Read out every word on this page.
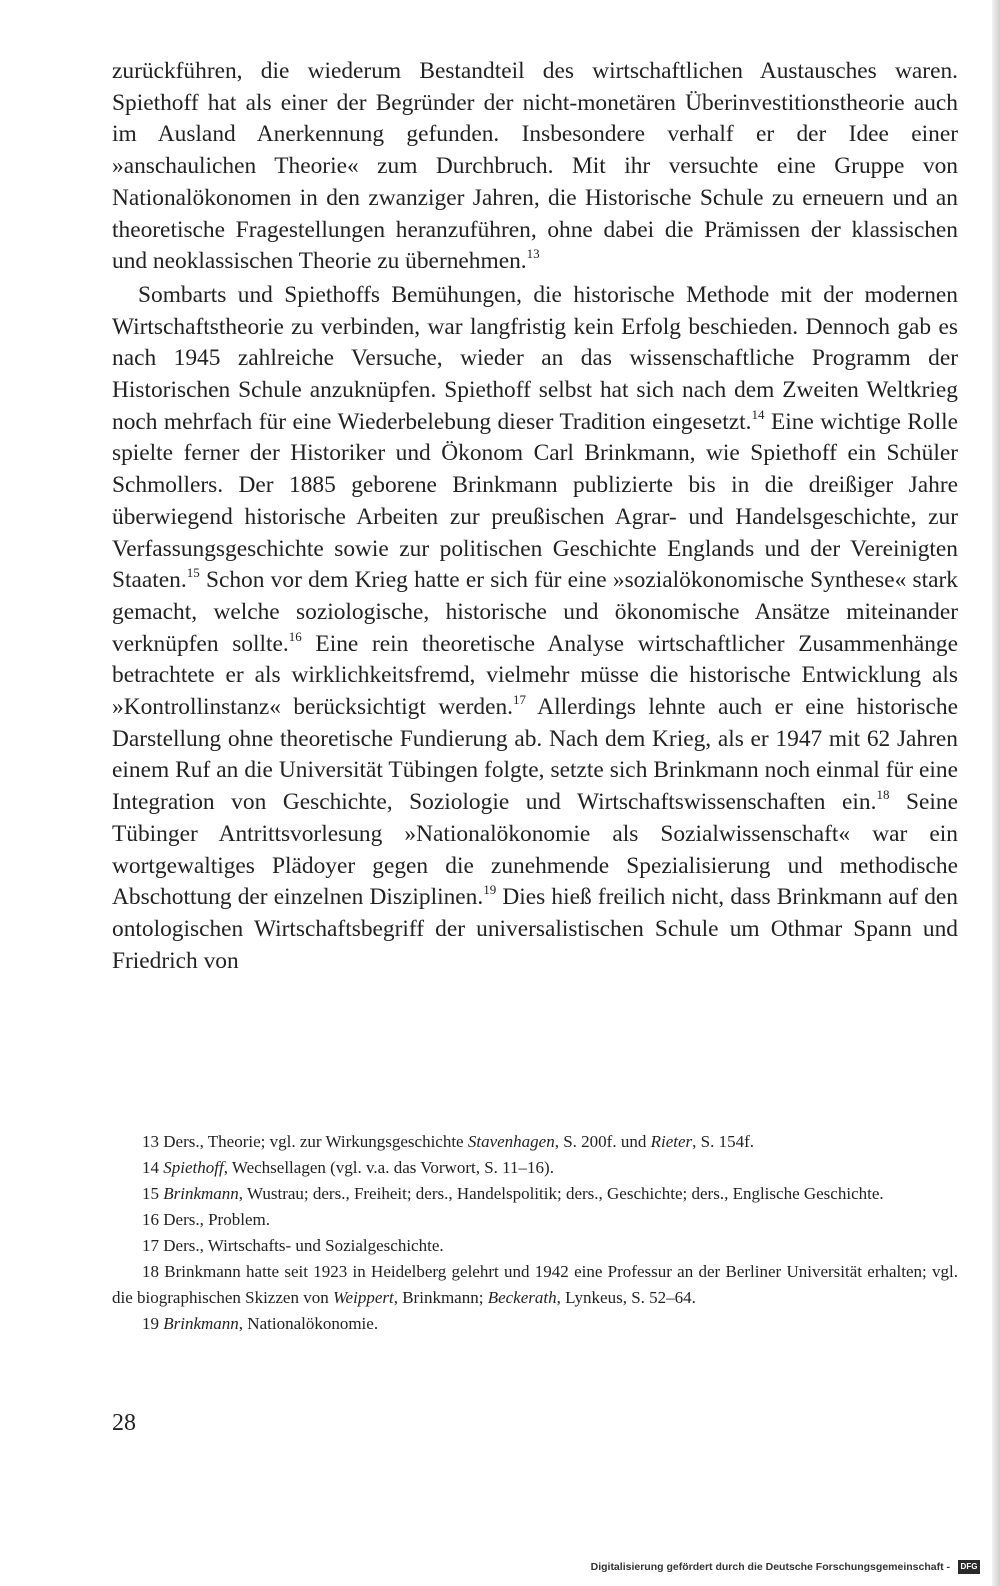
zurückführen, die wiederum Bestandteil des wirtschaftlichen Austausches waren. Spiethoff hat als einer der Begründer der nicht-monetären Überinvestitionstheorie auch im Ausland Anerkennung gefunden. Insbesondere verhalf er der Idee einer »anschaulichen Theorie« zum Durchbruch. Mit ihr versuchte eine Gruppe von Nationalökonomen in den zwanziger Jahren, die Historische Schule zu erneuern und an theoretische Fragestellungen heranzuführen, ohne dabei die Prämissen der klassischen und neoklassischen Theorie zu übernehmen.$^{13}$

Sombarts und Spiethoffs Bemühungen, die historische Methode mit der modernen Wirtschaftstheorie zu verbinden, war langfristig kein Erfolg beschieden. Dennoch gab es nach 1945 zahlreiche Versuche, wieder an das wissenschaftliche Programm der Historischen Schule anzuknüpfen. Spiethoff selbst hat sich nach dem Zweiten Weltkrieg noch mehrfach für eine Wiederbelebung dieser Tradition eingesetzt.$^{14}$ Eine wichtige Rolle spielte ferner der Historiker und Ökonom Carl Brinkmann, wie Spiethoff ein Schüler Schmollers. Der 1885 geborene Brinkmann publizierte bis in die dreißiger Jahre überwiegend historische Arbeiten zur preußischen Agrar- und Handelsgeschichte, zur Verfassungsgeschichte sowie zur politischen Geschichte Englands und der Vereinigten Staaten.$^{15}$ Schon vor dem Krieg hatte er sich für eine »sozialökonomische Synthese« stark gemacht, welche soziologische, historische und ökonomische Ansätze miteinander verknüpfen sollte.$^{16}$ Eine rein theoretische Analyse wirtschaftlicher Zusammenhänge betrachtete er als wirklichkeitsfremd, vielmehr müsse die historische Entwicklung als »Kontrollinstanz« berücksichtigt werden.$^{17}$ Allerdings lehnte auch er eine historische Darstellung ohne theoretische Fundierung ab. Nach dem Krieg, als er 1947 mit 62 Jahren einem Ruf an die Universität Tübingen folgte, setzte sich Brinkmann noch einmal für eine Integration von Geschichte, Soziologie und Wirtschaftswissenschaften ein.$^{18}$ Seine Tübinger Antrittsvorlesung »Nationalökonomie als Sozialwissenschaft« war ein wortgewaltiges Plädoyer gegen die zunehmende Spezialisierung und methodische Abschottung der einzelnen Disziplinen.$^{19}$ Dies hieß freilich nicht, dass Brinkmann auf den ontologischen Wirtschaftsbegriff der universalistischen Schule um Othmar Spann und Friedrich von

13 Ders., Theorie; vgl. zur Wirkungsgeschichte Stavenhagen, S. 200f. und Rieter, S. 154f.

14 Spiethoff, Wechsellagen (vgl. v.a. das Vorwort, S. 11–16).

15 Brinkmann, Wustrau; ders., Freiheit; ders., Handelspolitik; ders., Geschichte; ders., Englische Geschichte.

16 Ders., Problem.

17 Ders., Wirtschafts- und Sozialgeschichte.

18 Brinkmann hatte seit 1923 in Heidelberg gelehrt und 1942 eine Professur an der Berliner Universität erhalten; vgl. die biographischen Skizzen von Weippert, Brinkmann; Beckerath, Lynkeus, S. 52–64.

19 Brinkmann, Nationalökonomie.

28
Digitalisierung gefördert durch die Deutsche Forschungsgemeinschaft -	DFG
